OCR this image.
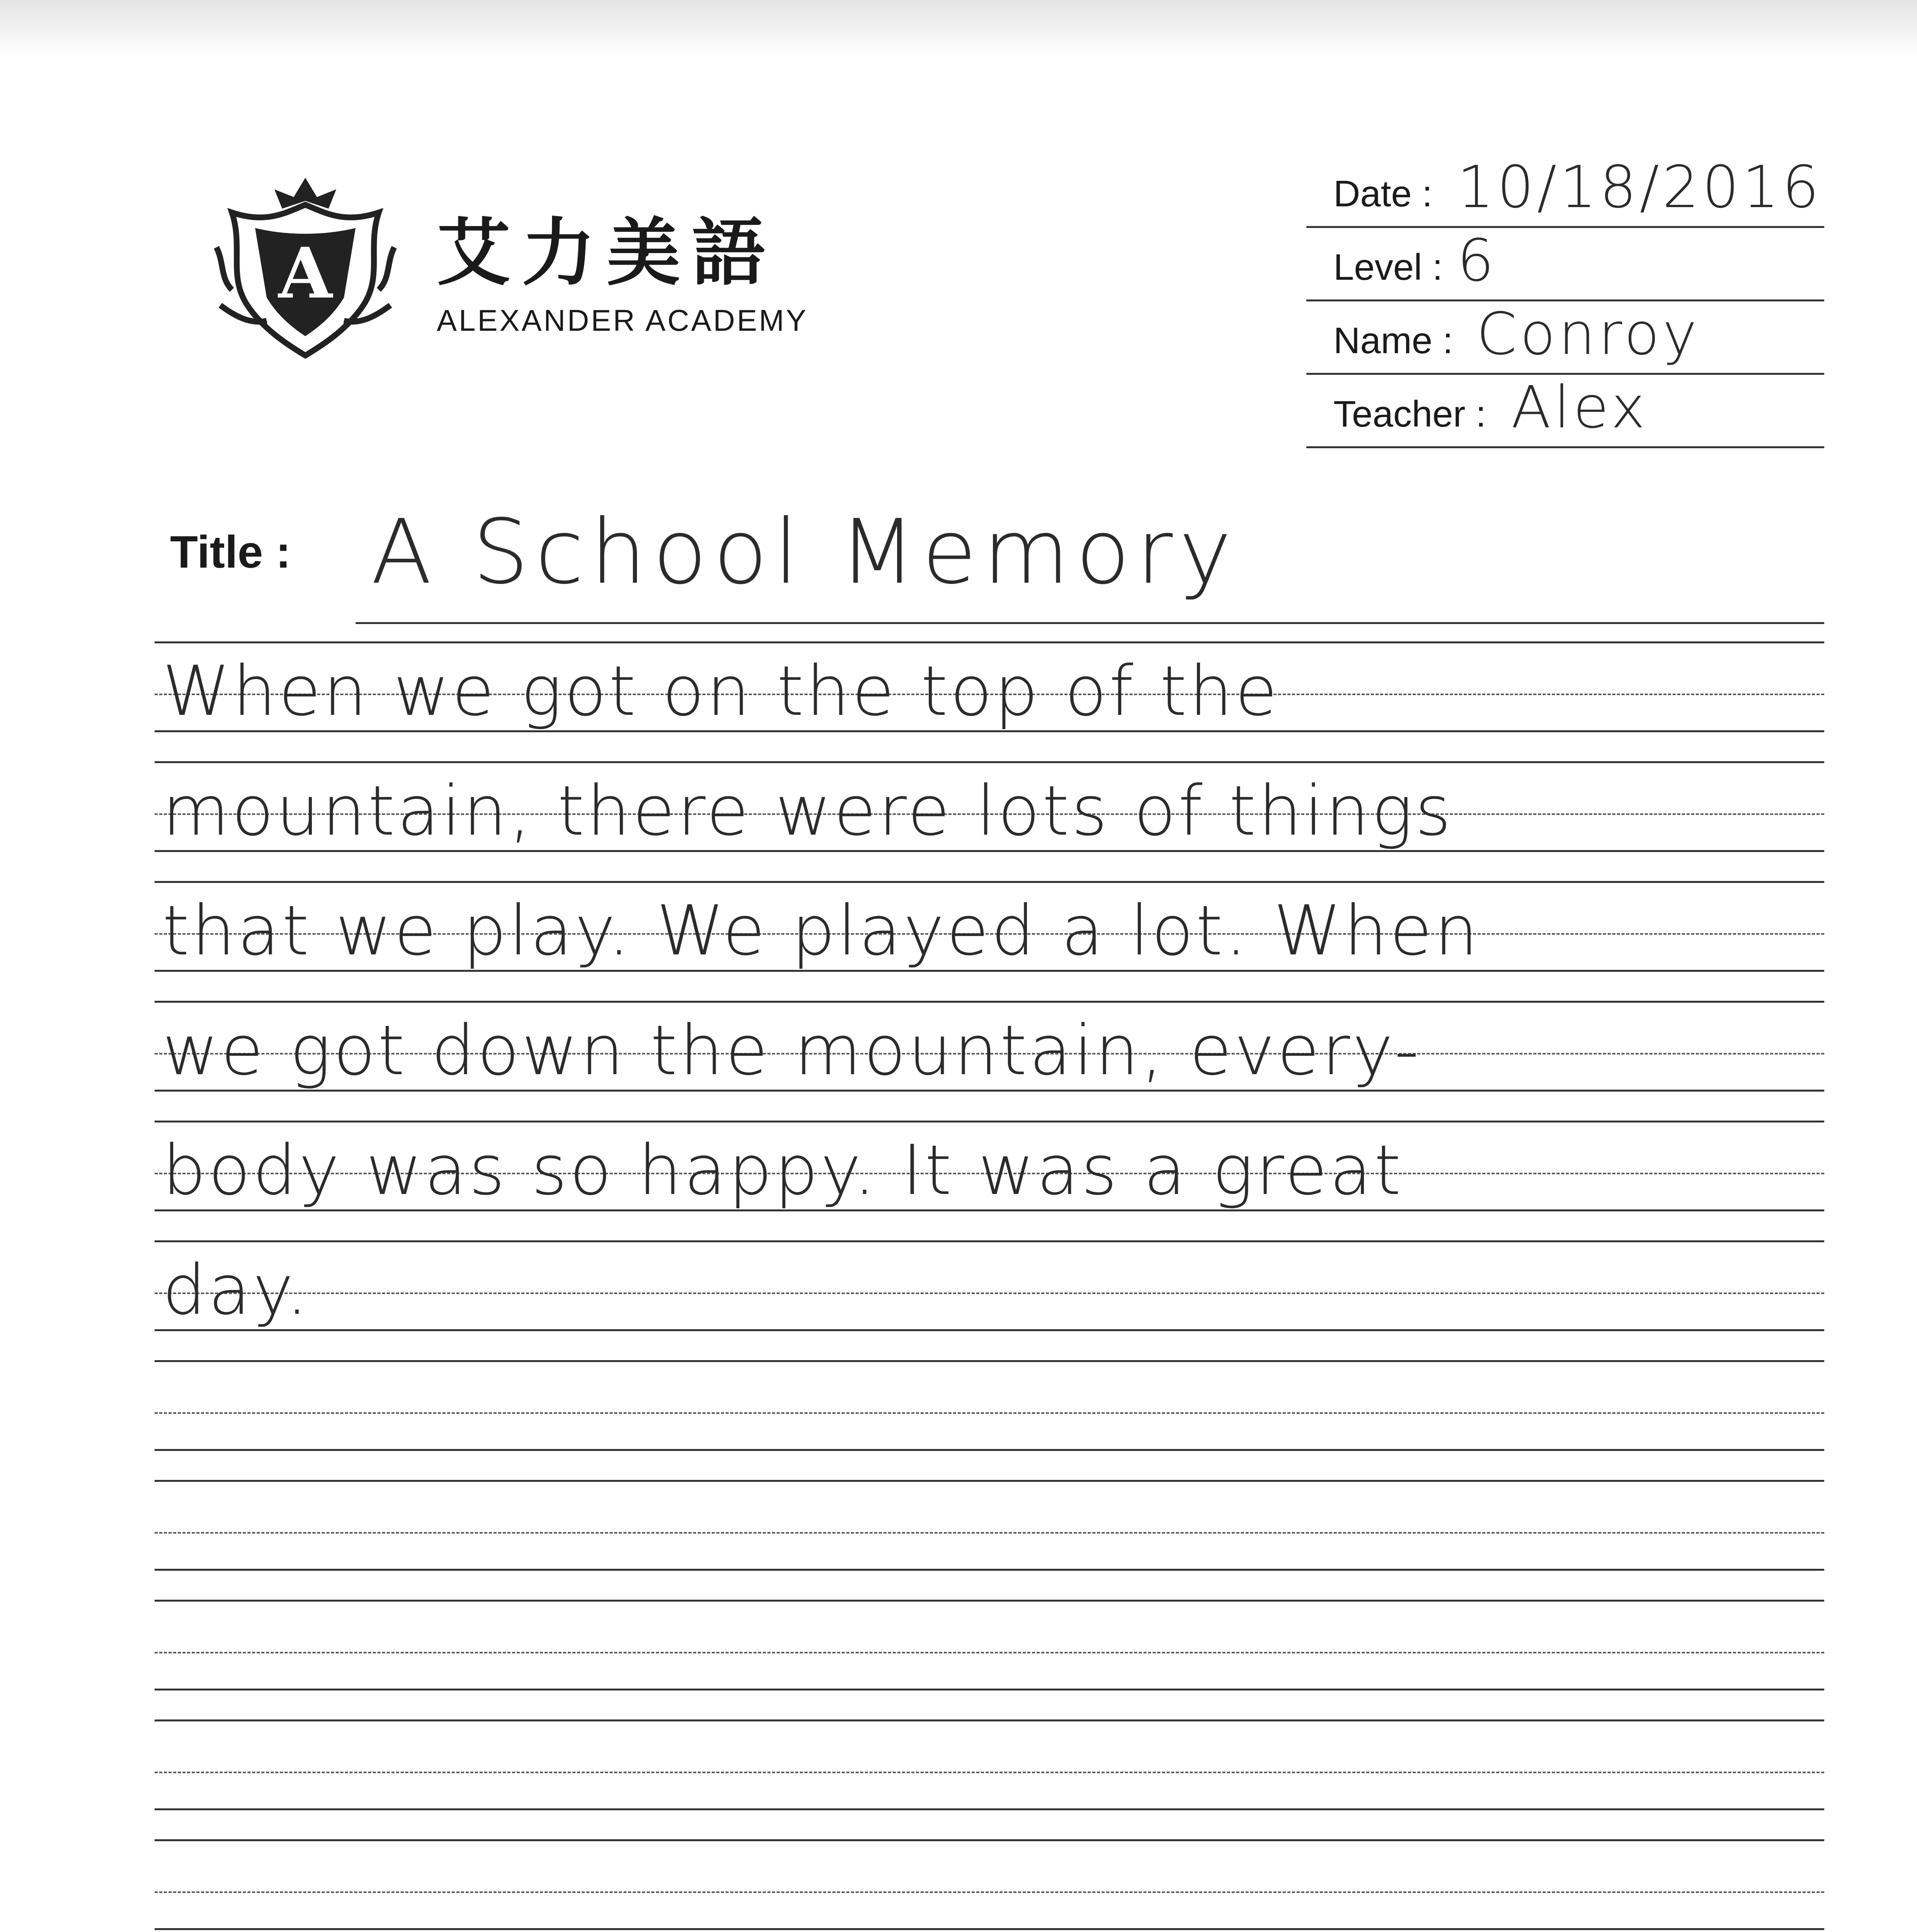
A 艾力美語
ALEXANDER ACADEMY
Date : 10/18/2016
Level : 6
Name : Conroy
Teacher : Alex
Title : A School Memory
When we got on the top of the
mountain, there were lots of things
that we play. We played a lot. When
we got down the mountain, every-
body was so happy. It was a great
day.
